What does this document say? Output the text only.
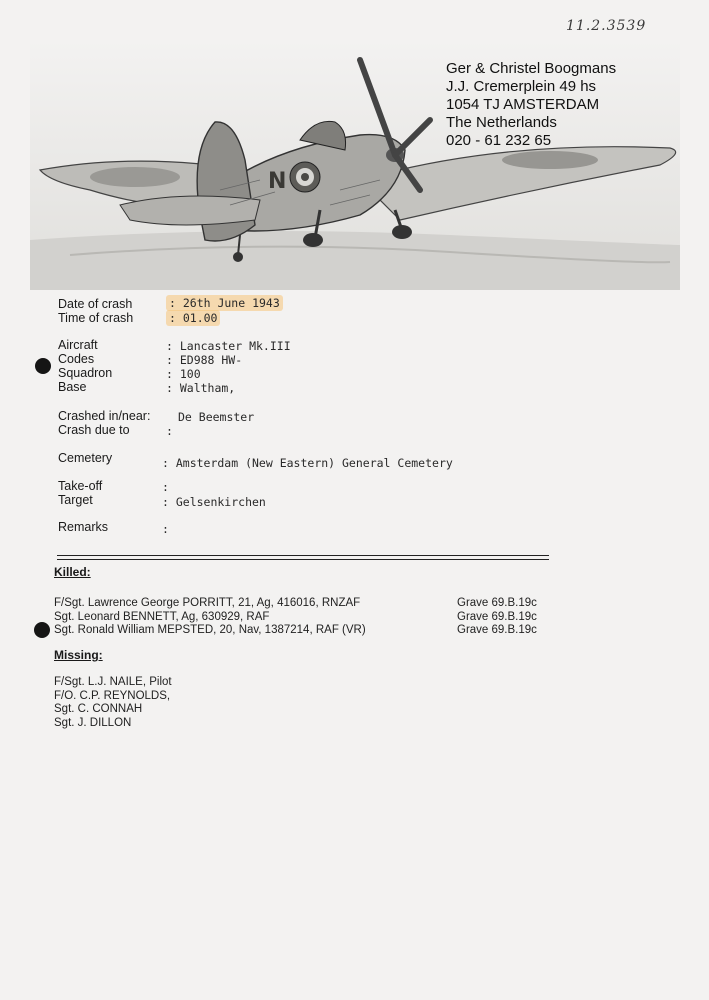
11.2.3539
N
Ger & Christel Boogmans
J.J. Cremerplein 49 hs
1054 TJ AMSTERDAM
The Netherlands
020 - 61 232 65
Date of crash	: 26th June 1943
Time of crash	: 01.00
Aircraft	: Lancaster Mk.III
Codes	: ED988 HW-
Squadron	: 100
Base	: Waltham,
Crashed in/near: De Beemster
Crash due to	:
Cemetery	: Amsterdam (New Eastern) General Cemetery
Take-off	:
Target	: Gelsenkirchen
Remarks	:
Killed:
F/Sgt. Lawrence George PORRITT, 21, Ag, 416016, RNZAF	Grave 69.B.19c
Sgt. Leonard BENNETT, Ag, 630929, RAF	Grave 69.B.19c
Sgt. Ronald William MEPSTED, 20, Nav, 1387214, RAF (VR)	Grave 69.B.19c
Missing:
F/Sgt. L.J. NAILE, Pilot
F/O. C.P. REYNOLDS,
Sgt. C. CONNAH
Sgt. J. DILLON
